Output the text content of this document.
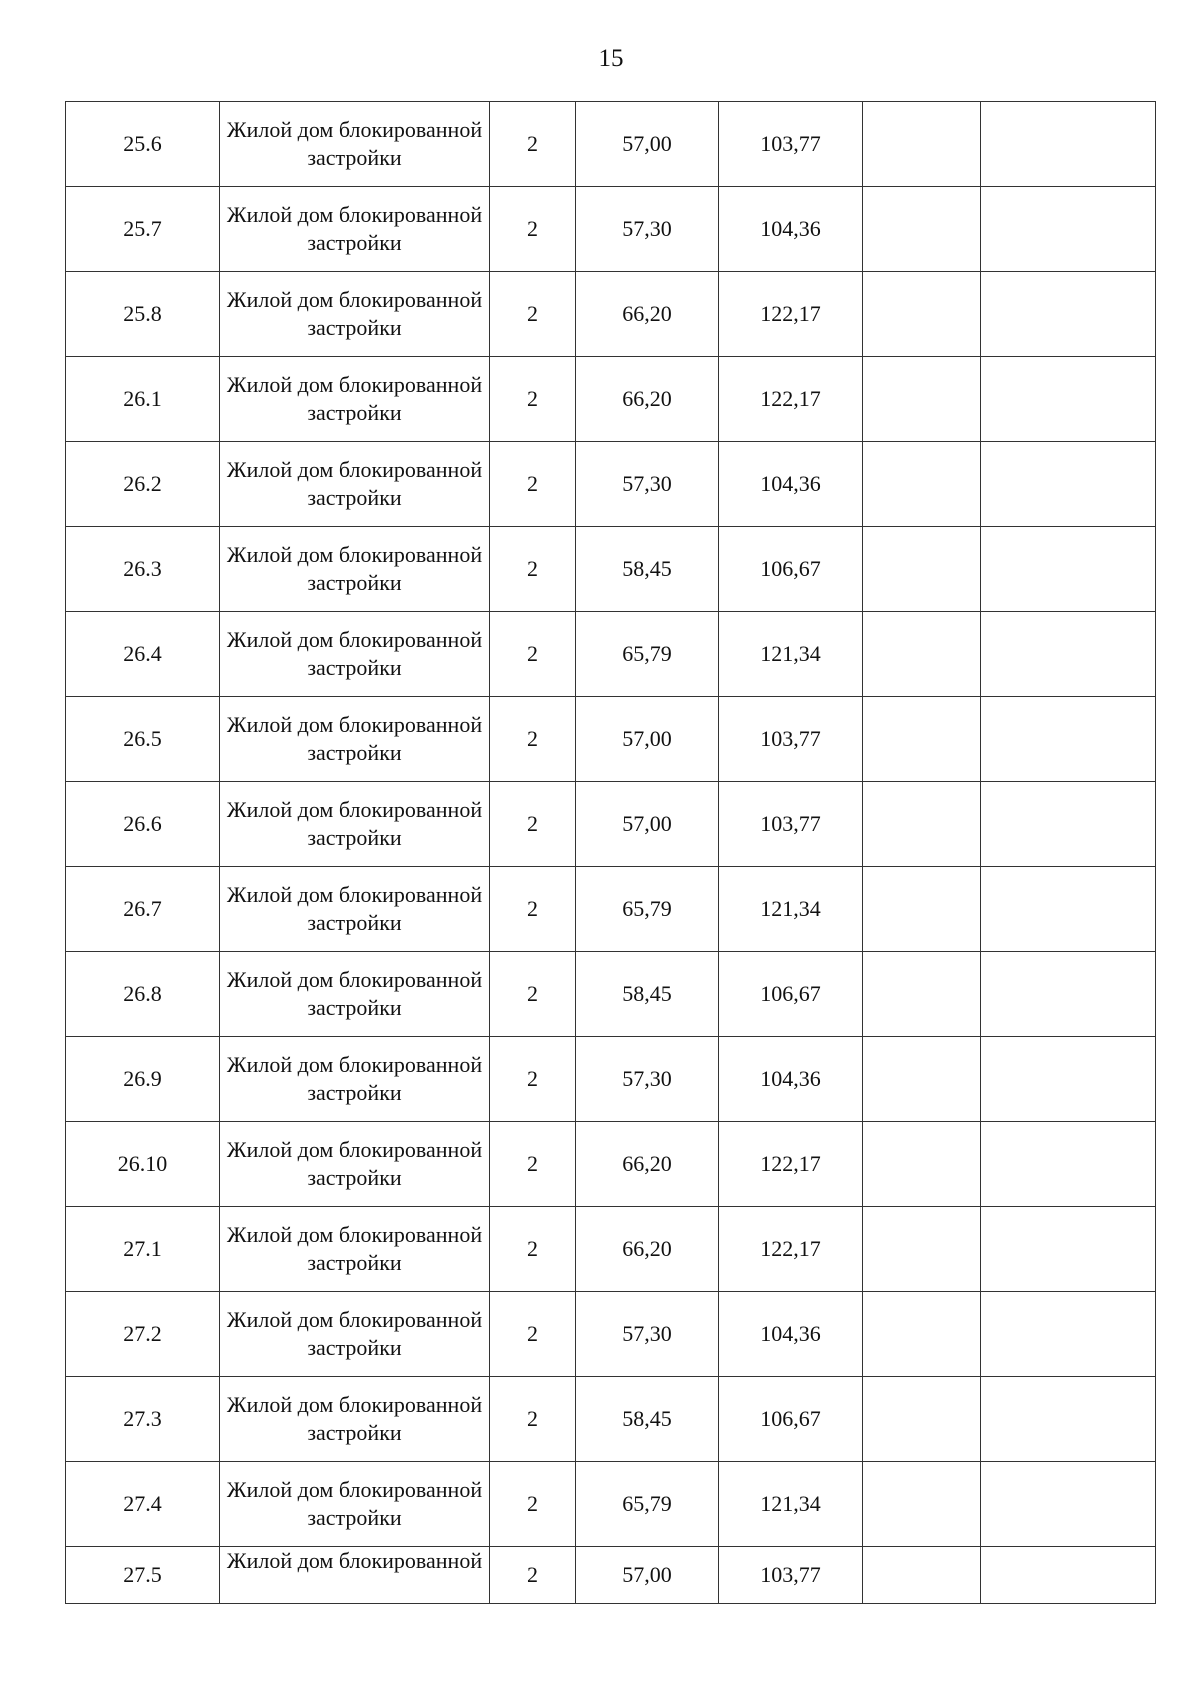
15
25.6	Жилой дом блокированной застройки	2	57,00	103,77		
25.7	Жилой дом блокированной застройки	2	57,30	104,36		
25.8	Жилой дом блокированной застройки	2	66,20	122,17		
26.1	Жилой дом блокированной застройки	2	66,20	122,17		
26.2	Жилой дом блокированной застройки	2	57,30	104,36		
26.3	Жилой дом блокированной застройки	2	58,45	106,67		
26.4	Жилой дом блокированной застройки	2	65,79	121,34		
26.5	Жилой дом блокированной застройки	2	57,00	103,77		
26.6	Жилой дом блокированной застройки	2	57,00	103,77		
26.7	Жилой дом блокированной застройки	2	65,79	121,34		
26.8	Жилой дом блокированной застройки	2	58,45	106,67		
26.9	Жилой дом блокированной застройки	2	57,30	104,36		
26.10	Жилой дом блокированной застройки	2	66,20	122,17		
27.1	Жилой дом блокированной застройки	2	66,20	122,17		
27.2	Жилой дом блокированной застройки	2	57,30	104,36		
27.3	Жилой дом блокированной застройки	2	58,45	106,67		
27.4	Жилой дом блокированной застройки	2	65,79	121,34		
27.5	Жилой дом блокированной	2	57,00	103,77		
